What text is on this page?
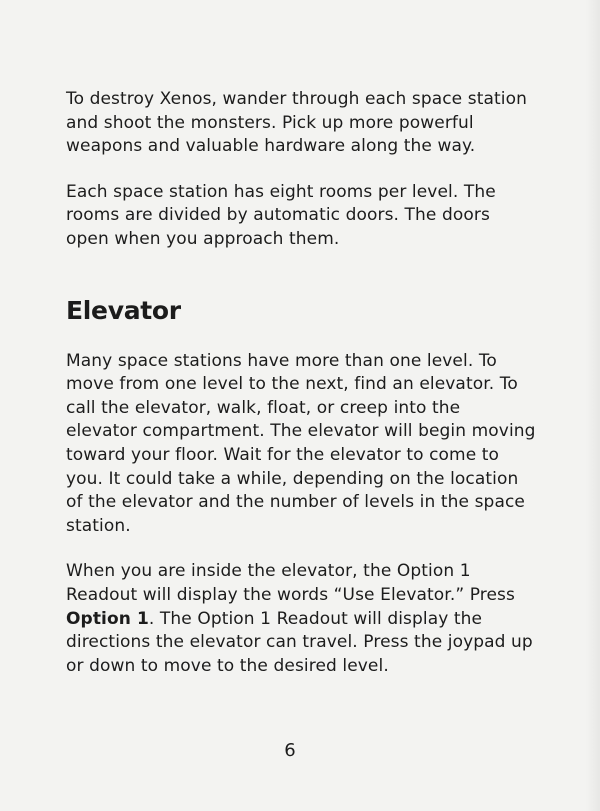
To destroy Xenos, wander through each space station and shoot the monsters. Pick up more powerful weapons and valuable hardware along the way.

Each space station has eight rooms per level. The rooms are divided by automatic doors. The doors open when you approach them.

Elevator

Many space stations have more than one level. To move from one level to the next, find an elevator. To call the elevator, walk, float, or creep into the elevator compartment. The elevator will begin moving toward your floor. Wait for the elevator to come to you. It could take a while, depending on the location of the elevator and the number of levels in the space station.

When you are inside the elevator, the Option 1 Readout will display the words “Use Elevator.” Press Option 1. The Option 1 Readout will display the directions the elevator can travel. Press the joypad up or down to move to the desired level.

6
